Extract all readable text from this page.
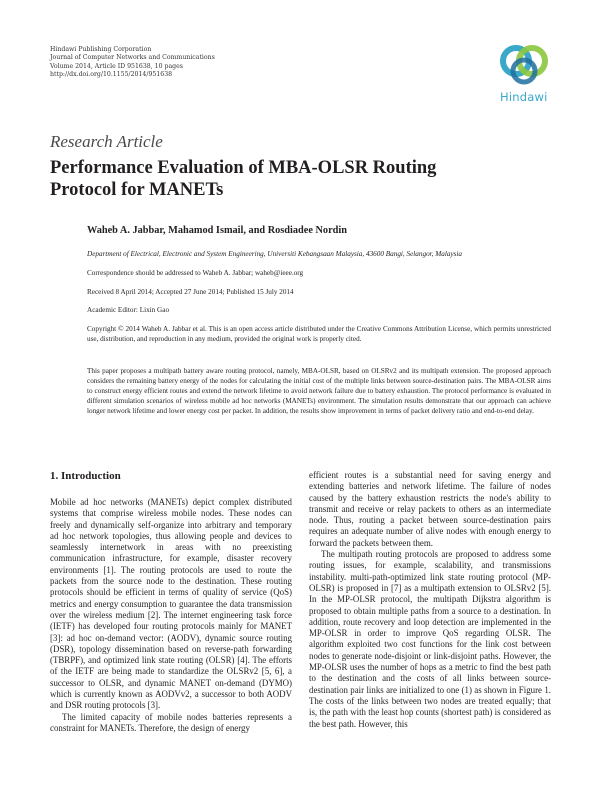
Hindawi Publishing Corporation
Journal of Computer Networks and Communications
Volume 2014, Article ID 951638, 10 pages
http://dx.doi.org/10.1155/2014/951638
Hindawi
Research Article
Performance Evaluation of MBA-OLSR Routing Protocol for MANETs
Waheb A. Jabbar, Mahamod Ismail, and Rosdiadee Nordin
Department of Electrical, Electronic and System Engineering, Universiti Kebangsaan Malaysia, 43600 Bangi, Selangor, Malaysia
Correspondence should be addressed to Waheb A. Jabbar; waheb@ieee.org
Received 8 April 2014; Accepted 27 June 2014; Published 15 July 2014
Academic Editor: Lixin Gao
Copyright © 2014 Waheb A. Jabbar et al. This is an open access article distributed under the Creative Commons Attribution License, which permits unrestricted use, distribution, and reproduction in any medium, provided the original work is properly cited.
This paper proposes a multipath battery aware routing protocol, namely, MBA-OLSR, based on OLSRv2 and its multipath extension. The proposed approach considers the remaining battery energy of the nodes for calculating the initial cost of the multiple links between source-destination pairs. The MBA-OLSR aims to construct energy efficient routes and extend the network lifetime to avoid network failure due to battery exhaustion. The protocol performance is evaluated in different simulation scenarios of wireless mobile ad hoc networks (MANETs) environment. The simulation results demonstrate that our approach can achieve longer network lifetime and lower energy cost per packet. In addition, the results show improvement in terms of packet delivery ratio and end-to-end delay.
1. Introduction

Mobile ad hoc networks (MANETs) depict complex distributed systems that comprise wireless mobile nodes. These nodes can freely and dynamically self-organize into arbitrary and temporary ad hoc network topologies, thus allowing people and devices to seamlessly internetwork in areas with no preexisting communication infrastructure, for example, disaster recovery environments [1]. The routing protocols are used to route the packets from the source node to the destination. These routing protocols should be efficient in terms of quality of service (QoS) metrics and energy consumption to guarantee the data transmission over the wireless medium [2]. The internet engineering task force (IETF) has developed four routing protocols mainly for MANET [3]: ad hoc on-demand vector: (AODV), dynamic source routing (DSR), topology dissemination based on reverse-path forwarding (TBRPF), and optimized link state routing (OLSR) [4]. The efforts of the IETF are being made to standardize the OLSRv2 [5, 6], a successor to OLSR, and dynamic MANET on-demand (DYMO) which is currently known as AODVv2, a successor to both AODV and DSR routing protocols [3].

The limited capacity of mobile nodes batteries represents a constraint for MANETs. Therefore, the design of energy

efficient routes is a substantial need for saving energy and extending batteries and network lifetime. The failure of nodes caused by the battery exhaustion restricts the node's ability to transmit and receive or relay packets to others as an intermediate node. Thus, routing a packet between source-destination pairs requires an adequate number of alive nodes with enough energy to forward the packets between them.

The multipath routing protocols are proposed to address some routing issues, for example, scalability, and transmissions instability. multi-path-optimized link state routing protocol (MP-OLSR) is proposed in [7] as a multipath extension to OLSRv2 [5]. In the MP-OLSR protocol, the multipath Dijkstra algorithm is proposed to obtain multiple paths from a source to a destination. In addition, route recovery and loop detection are implemented in the MP-OLSR in order to improve QoS regarding OLSR. The algorithm exploited two cost functions for the link cost between nodes to generate node-disjoint or link-disjoint paths. However, the MP-OLSR uses the number of hops as a metric to find the best path to the destination and the costs of all links between source-destination pair links are initialized to one (1) as shown in Figure 1. The costs of the links between two nodes are treated equally; that is, the path with the least hop counts (shortest path) is considered as the best path. However, this
